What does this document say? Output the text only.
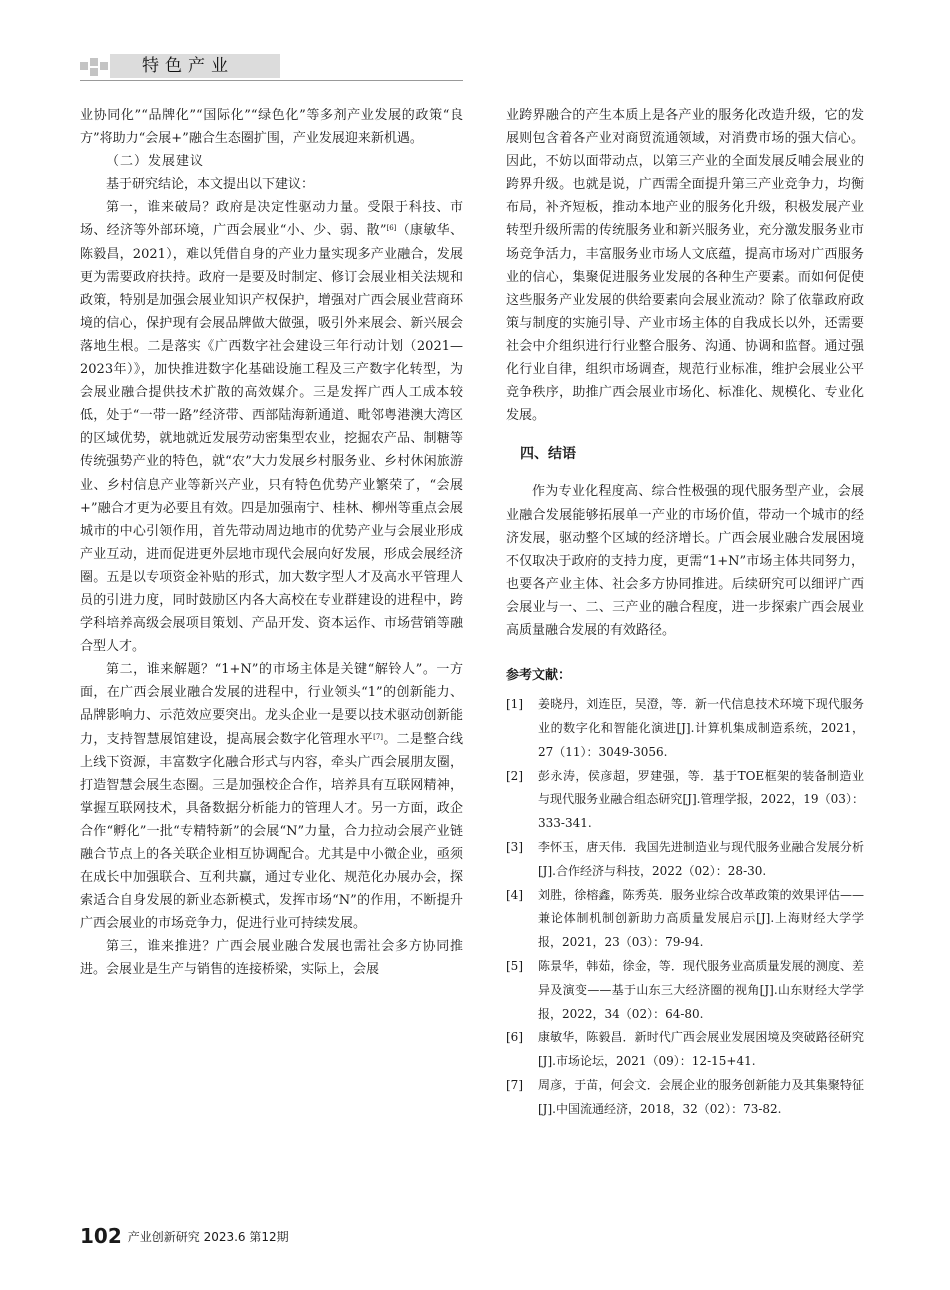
特色产业

业协同化”“品牌化”“国际化”“绿色化”等多剂产业发展的政策“良方”将助力“会展+”融合生态圈扩围，产业发展迎来新机遇。

（二）发展建议

基于研究结论，本文提出以下建议：

第一，谁来破局？政府是决定性驱动力量。受限于科技、市场、经济等外部环境，广西会展业“小、少、弱、散”[6]（康敏华、陈毅昌，2021），难以凭借自身的产业力量实现多产业融合，发展更为需要政府扶持。政府一是要及时制定、修订会展业相关法规和政策，特别是加强会展业知识产权保护，增强对广西会展业营商环境的信心，保护现有会展品牌做大做强，吸引外来展会、新兴展会落地生根。二是落实《广西数字社会建设三年行动计划（2021—2023年）》，加快推进数字化基础设施工程及三产数字化转型，为会展业融合提供技术扩散的高效媒介。三是发挥广西人工成本较低，处于“一带一路”经济带、西部陆海新通道、毗邻粤港澳大湾区的区域优势，就地就近发展劳动密集型农业，挖掘农产品、制糖等传统强势产业的特色，就“农”大力发展乡村服务业、乡村休闲旅游业、乡村信息产业等新兴产业，只有特色优势产业繁荣了，“会展+”融合才更为必要且有效。四是加强南宁、桂林、柳州等重点会展城市的中心引领作用，首先带动周边地市的优势产业与会展业形成产业互动，进而促进更外层地市现代会展向好发展，形成会展经济圈。五是以专项资金补贴的形式，加大数字型人才及高水平管理人员的引进力度，同时鼓励区内各大高校在专业群建设的进程中，跨学科培养高级会展项目策划、产品开发、资本运作、市场营销等融合型人才。

第二，谁来解题？“1+N”的市场主体是关键“解铃人”。一方面，在广西会展业融合发展的进程中，行业领头“1”的创新能力、品牌影响力、示范效应要突出。龙头企业一是要以技术驱动创新能力，支持智慧展馆建设，提高展会数字化管理水平[7]。二是整合线上线下资源，丰富数字化融合形式与内容，牵头广西会展朋友圈，打造智慧会展生态圈。三是加强校企合作，培养具有互联网精神，掌握互联网技术，具备数据分析能力的管理人才。另一方面，政企合作“孵化”一批“专精特新”的会展“N”力量，合力拉动会展产业链融合节点上的各关联企业相互协调配合。尤其是中小微企业，亟须在成长中加强联合、互利共赢，通过专业化、规范化办展办会，探索适合自身发展的新业态新模式，发挥市场“N”的作用，不断提升广西会展业的市场竞争力，促进行业可持续发展。

第三，谁来推进？广西会展业融合发展也需社会多方协同推进。会展业是生产与销售的连接桥梁，实际上，会展

业跨界融合的产生本质上是各产业的服务化改造升级，它的发展则包含着各产业对商贸流通领域，对消费市场的强大信心。因此，不妨以面带动点，以第三产业的全面发展反哺会展业的跨界升级。也就是说，广西需全面提升第三产业竞争力，均衡布局，补齐短板，推动本地产业的服务化升级，积极发展产业转型升级所需的传统服务业和新兴服务业，充分激发服务业市场竞争活力，丰富服务业市场人文底蕴，提高市场对广西服务业的信心，集聚促进服务业发展的各种生产要素。而如何促使这些服务产业发展的供给要素向会展业流动？除了依靠政府政策与制度的实施引导、产业市场主体的自我成长以外，还需要社会中介组织进行行业整合服务、沟通、协调和监督。通过强化行业自律，组织市场调查，规范行业标准，维护会展业公平竞争秩序，助推广西会展业市场化、标准化、规模化、专业化发展。

四、结语

作为专业化程度高、综合性极强的现代服务型产业，会展业融合发展能够拓展单一产业的市场价值，带动一个城市的经济发展，驱动整个区域的经济增长。广西会展业融合发展困境不仅取决于政府的支持力度，更需“1+N”市场主体共同努力，也要各产业主体、社会多方协同推进。后续研究可以细评广西会展业与一、二、三产业的融合程度，进一步探索广西会展业高质量融合发展的有效路径。

参考文献：
[1]	姜晓丹，刘连臣，吴澄，等．新一代信息技术环境下现代服务业的数字化和智能化演进[J].计算机集成制造系统，2021，27（11）：3049-3056.
[2]	彭永涛，侯彦超，罗建强，等．基于TOE框架的装备制造业与现代服务业融合组态研究[J].管理学报，2022，19（03）：333-341.
[3]	李怀玉，唐天伟．我国先进制造业与现代服务业融合发展分析[J].合作经济与科技，2022（02）：28-30.
[4]	刘胜，徐榕鑫，陈秀英．服务业综合改革政策的效果评估——兼论体制机制创新助力高质量发展启示[J].上海财经大学学报，2021，23（03）：79-94.
[5]	陈景华，韩茹，徐金，等．现代服务业高质量发展的测度、差异及演变——基于山东三大经济圈的视角[J].山东财经大学学报，2022，34（02）：64-80.
[6]	康敏华，陈毅昌．新时代广西会展业发展困境及突破路径研究[J].市场论坛，2021（09）：12-15+41.
[7]	周彦，于苗，何会文．会展企业的服务创新能力及其集聚特征[J].中国流通经济，2018，32（02）：73-82.
102 产业创新研究 2023.6 第12期
